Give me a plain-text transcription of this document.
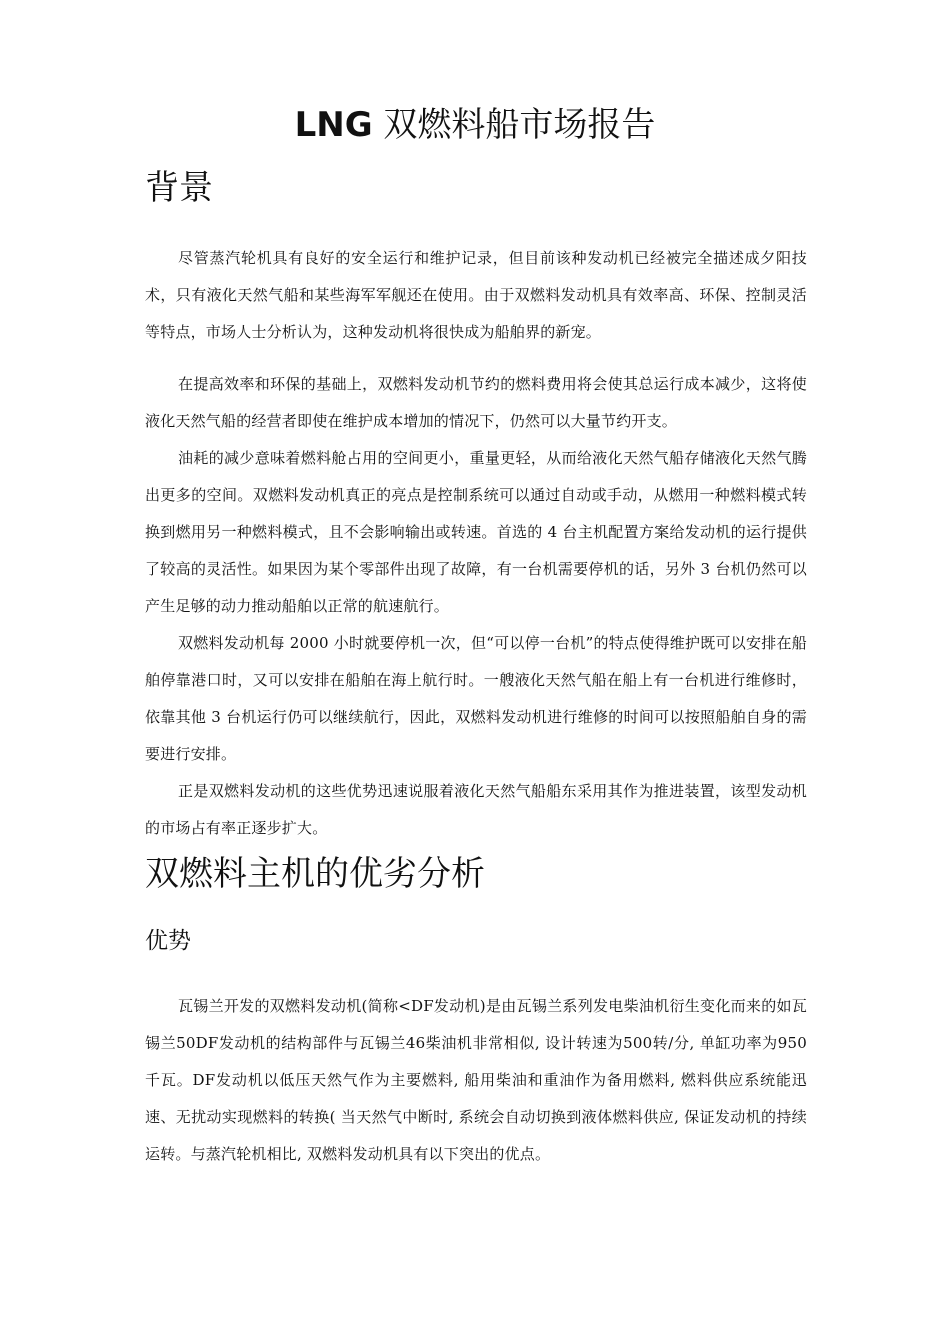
LNG 双燃料船市场报告
背景

尽管蒸汽轮机具有良好的安全运行和维护记录，但目前该种发动机已经被完全描述成夕阳技术，只有液化天然气船和某些海军军舰还在使用。由于双燃料发动机具有效率高、环保、控制灵活等特点，市场人士分析认为，这种发动机将很快成为船舶界的新宠。

在提高效率和环保的基础上，双燃料发动机节约的燃料费用将会使其总运行成本减少，这将使液化天然气船的经营者即使在维护成本增加的情况下，仍然可以大量节约开支。

油耗的减少意味着燃料舱占用的空间更小，重量更轻，从而给液化天然气船存储液化天然气腾出更多的空间。双燃料发动机真正的亮点是控制系统可以通过自动或手动，从燃用一种燃料模式转换到燃用另一种燃料模式，且不会影响输出或转速。首选的 4 台主机配置方案给发动机的运行提供了较高的灵活性。如果因为某个零部件出现了故障，有一台机需要停机的话，另外 3 台机仍然可以产生足够的动力推动船舶以正常的航速航行。

双燃料发动机每 2000 小时就要停机一次，但“可以停一台机”的特点使得维护既可以安排在船舶停靠港口时，又可以安排在船舶在海上航行时。一艘液化天然气船在船上有一台机进行维修时，依靠其他 3 台机运行仍可以继续航行，因此，双燃料发动机进行维修的时间可以按照船舶自身的需要进行安排。

正是双燃料发动机的这些优势迅速说服着液化天然气船船东采用其作为推进装置，该型发动机的市场占有率正逐步扩大。

双燃料主机的优劣分析
优势

瓦锡兰开发的双燃料发动机(简称<DF发动机)是由瓦锡兰系列发电柴油机衍生变化而来的如瓦锡兰50DF发动机的结构部件与瓦锡兰46柴油机非常相似, 设计转速为500转/分, 单缸功率为950千瓦。DF发动机以低压天然气作为主要燃料, 船用柴油和重油作为备用燃料, 燃料供应系统能迅速、无扰动实现燃料的转换( 当天然气中断时, 系统会自动切换到液体燃料供应, 保证发动机的持续运转。与蒸汽轮机相比, 双燃料发动机具有以下突出的优点。
